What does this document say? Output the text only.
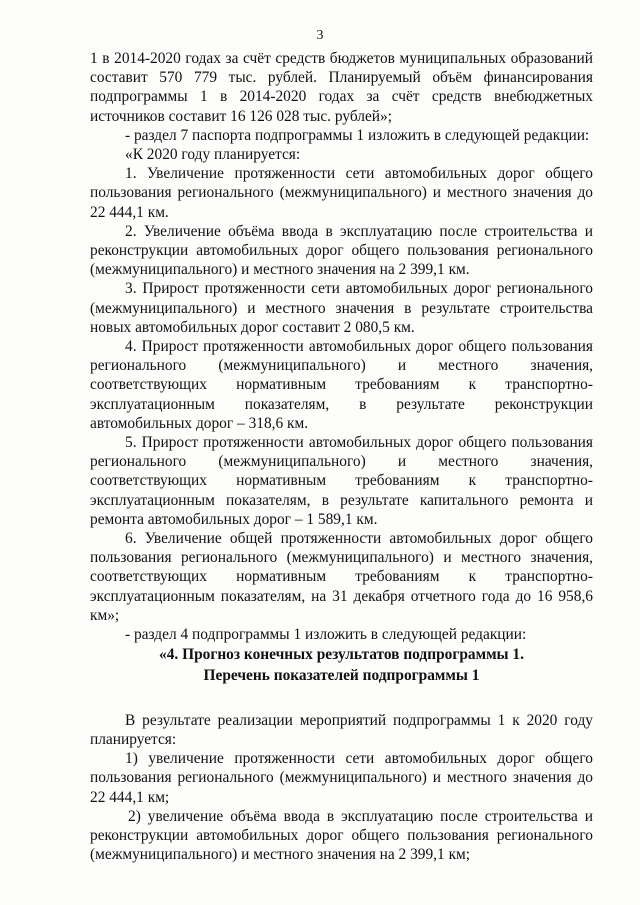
3

1 в 2014-2020 годах за счёт средств бюджетов муниципальных образований составит 570 779 тыс. рублей. Планируемый объём финансирования подпрограммы 1 в 2014-2020 годах за счёт средств внебюджетных источников составит 16 126 028 тыс. рублей»;

- раздел 7 паспорта подпрограммы 1 изложить в следующей редакции:

«К 2020 году планируется:

1. Увеличение протяженности сети автомобильных дорог общего пользования регионального (межмуниципального) и местного значения до 22 444,1 км.

2. Увеличение объёма ввода в эксплуатацию после строительства и реконструкции автомобильных дорог общего пользования регионального (межмуниципального) и местного значения на 2 399,1 км.

3. Прирост протяженности сети автомобильных дорог регионального (межмуниципального) и местного значения в результате строительства новых автомобильных дорог составит 2 080,5 км.

4. Прирост протяженности автомобильных дорог общего пользования регионального (межмуниципального) и местного значения, соответствующих нормативным требованиям к транспортно-эксплуатационным показателям, в результате реконструкции автомобильных дорог – 318,6 км.

5. Прирост протяженности автомобильных дорог общего пользования регионального (межмуниципального) и местного значения, соответствующих нормативным требованиям к транспортно-эксплуатационным показателям, в результате капитального ремонта и ремонта автомобильных дорог – 1 589,1 км.

6. Увеличение общей протяженности автомобильных дорог общего пользования регионального (межмуниципального) и местного значения, соответствующих нормативным требованиям к транспортно-эксплуатационным показателям, на 31 декабря отчетного года до 16 958,6 км»;

- раздел 4 подпрограммы 1 изложить в следующей редакции:

«4. Прогноз конечных результатов подпрограммы 1.

Перечень показателей подпрограммы 1

В результате реализации мероприятий подпрограммы 1 к 2020 году планируется:

1) увеличение протяженности сети автомобильных дорог общего пользования регионального (межмуниципального) и местного значения до 22 444,1 км;

2) увеличение объёма ввода в эксплуатацию после строительства и реконструкции автомобильных дорог общего пользования регионального (межмуниципального) и местного значения на 2 399,1 км;
